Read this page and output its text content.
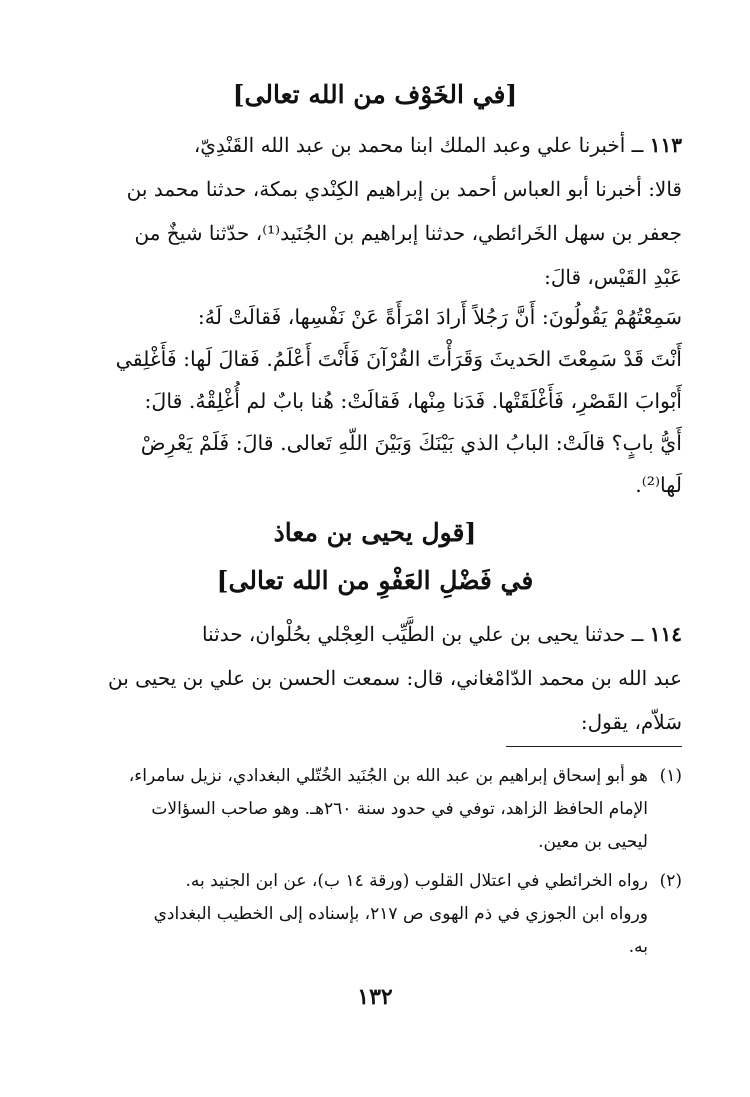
[في الخَوْف من الله تعالى]
١١٣ ــ أخبرنا علي وعبد الملك ابنا محمد بن عبد الله القَنْدِيّ،
قالا: أخبرنا أبو العباس أحمد بن إبراهيم الكِنْدي بمكة، حدثنا محمد بن
جعفر بن سهل الخَرائطي، حدثنا إبراهيم بن الجُنَيد⁽¹⁾، حدّثنا شيخٌ من
عَبْدِ القَيْس، قالَ:
سَمِعْتُهُمْ يَقُولُونَ: أَنَّ رَجُلاً أَرادَ امْرَأَةً عَنْ نَفْسِها، فَقالَتْ لَهُ:
أَنْتَ قَدْ سَمِعْتَ الحَديثَ وَقَرَأْتَ القُرْآنَ فَأَنْتَ أَعْلَمُ. فَقالَ لَها: فَأَغْلِقي
أَبْوابَ القَصْرِ، فَأَغْلَقَتْها. فَدَنا مِنْها، فَقالَتْ: هُنا بابٌ لم أُغْلِقْهُ. قالَ:
أَيُّ بابٍ؟ قالَتْ: البابُ الذي بَيْنَكَ وَبَيْنَ اللّهِ تَعالى. قالَ: فَلَمْ يَعْرِضْ
لَها⁽²⁾.
[قول يحيى بن معاذ
في فَضْلِ العَفْوِ من الله تعالى]
١١٤ ــ حدثنا يحيى بن علي بن الطَّيِّب العِجْلي بحُلْوان، حدثنا
عبد الله بن محمد الدّامْغاني، قال: سمعت الحسن بن علي بن يحيى بن
سَلاّم، يقول:
(١)
هو أبو إسحاق إبراهيم بن عبد الله بن الجُنَيد الخُتّلي البغدادي، نزيل سامراء،
الإمام الحافظ الزاهد، توفي في حدود سنة ٢٦٠هـ. وهو صاحب السؤالات
ليحيى بن معين.
(٢)
رواه الخرائطي في اعتلال القلوب (ورقة ١٤ ب)، عن ابن الجنيد به.
ورواه ابن الجوزي في ذم الهوى ص ٢١٧، بإسناده إلى الخطيب البغدادي
به.
١٣٢
